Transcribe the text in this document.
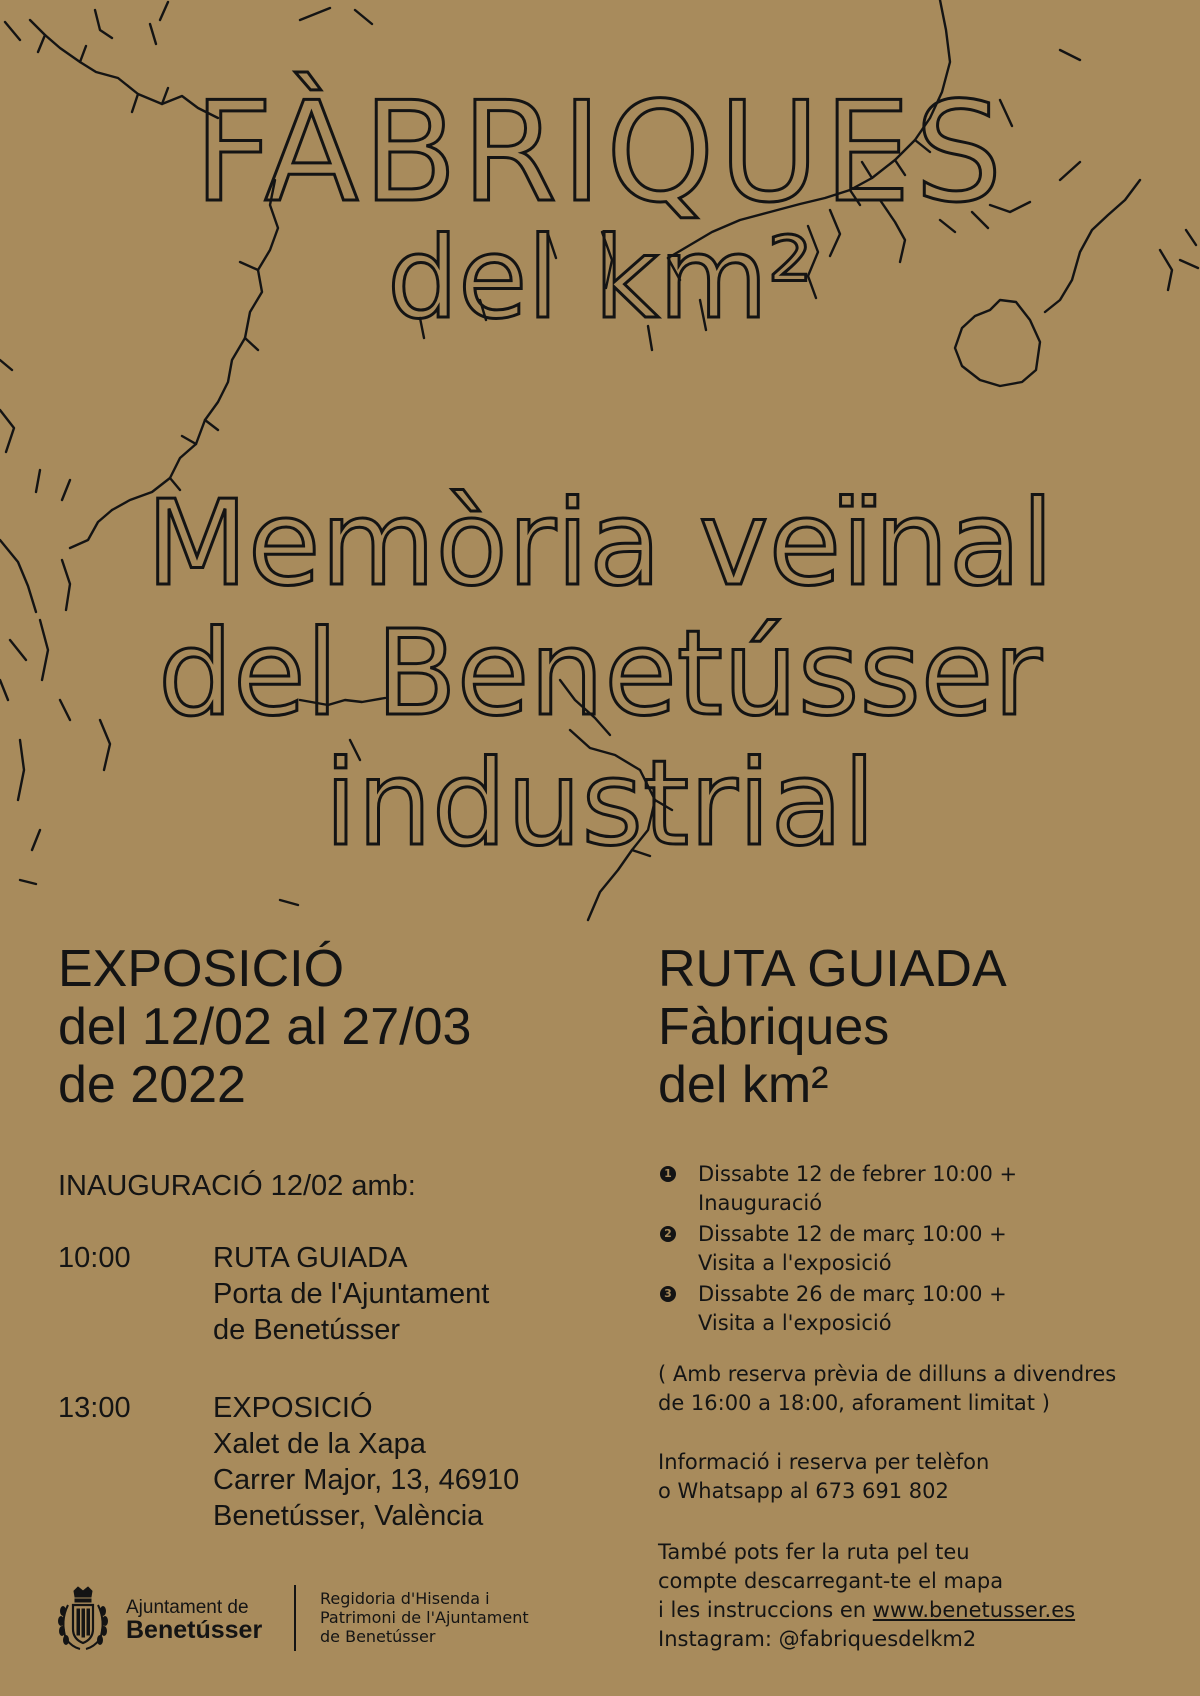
FÀBRIQUES
del km²
Memòria veïnal
del Benetússer
industrial

EXPOSICIÓ

del 12/02 al 27/03

de 2022

INAUGURACIÓ 12/02 amb:

10:00	RUTA GUIADA
Porta de l'Ajuntament
de Benetússer
13:00	EXPOSICIÓ
Xalet de la Xapa
Carrer Major, 13, 46910
Benetússer, València

RUTA GUIADA

Fàbriques

del km²

1 Dissabte 12 de febrer 10:00 +
Inauguració
2 Dissabte 12 de març 10:00 +
Visita a l'exposició
3 Dissabte 26 de març 10:00 +
Visita a l'exposició
( Amb reserva prèvia de dilluns a divendres
de 16:00 a 18:00, aforament limitat )
Informació i reserva per telèfon
o Whatsapp al 673 691 802
També pots fer la ruta pel teu
compte descarregant-te el mapa
i les instruccions en www.benetusser.es
Instagram: @fabriquesdelkm2
Ajuntament de
Benetússer
Regidoria d'Hisenda i
Patrimoni de l'Ajuntament
de Benetússer
